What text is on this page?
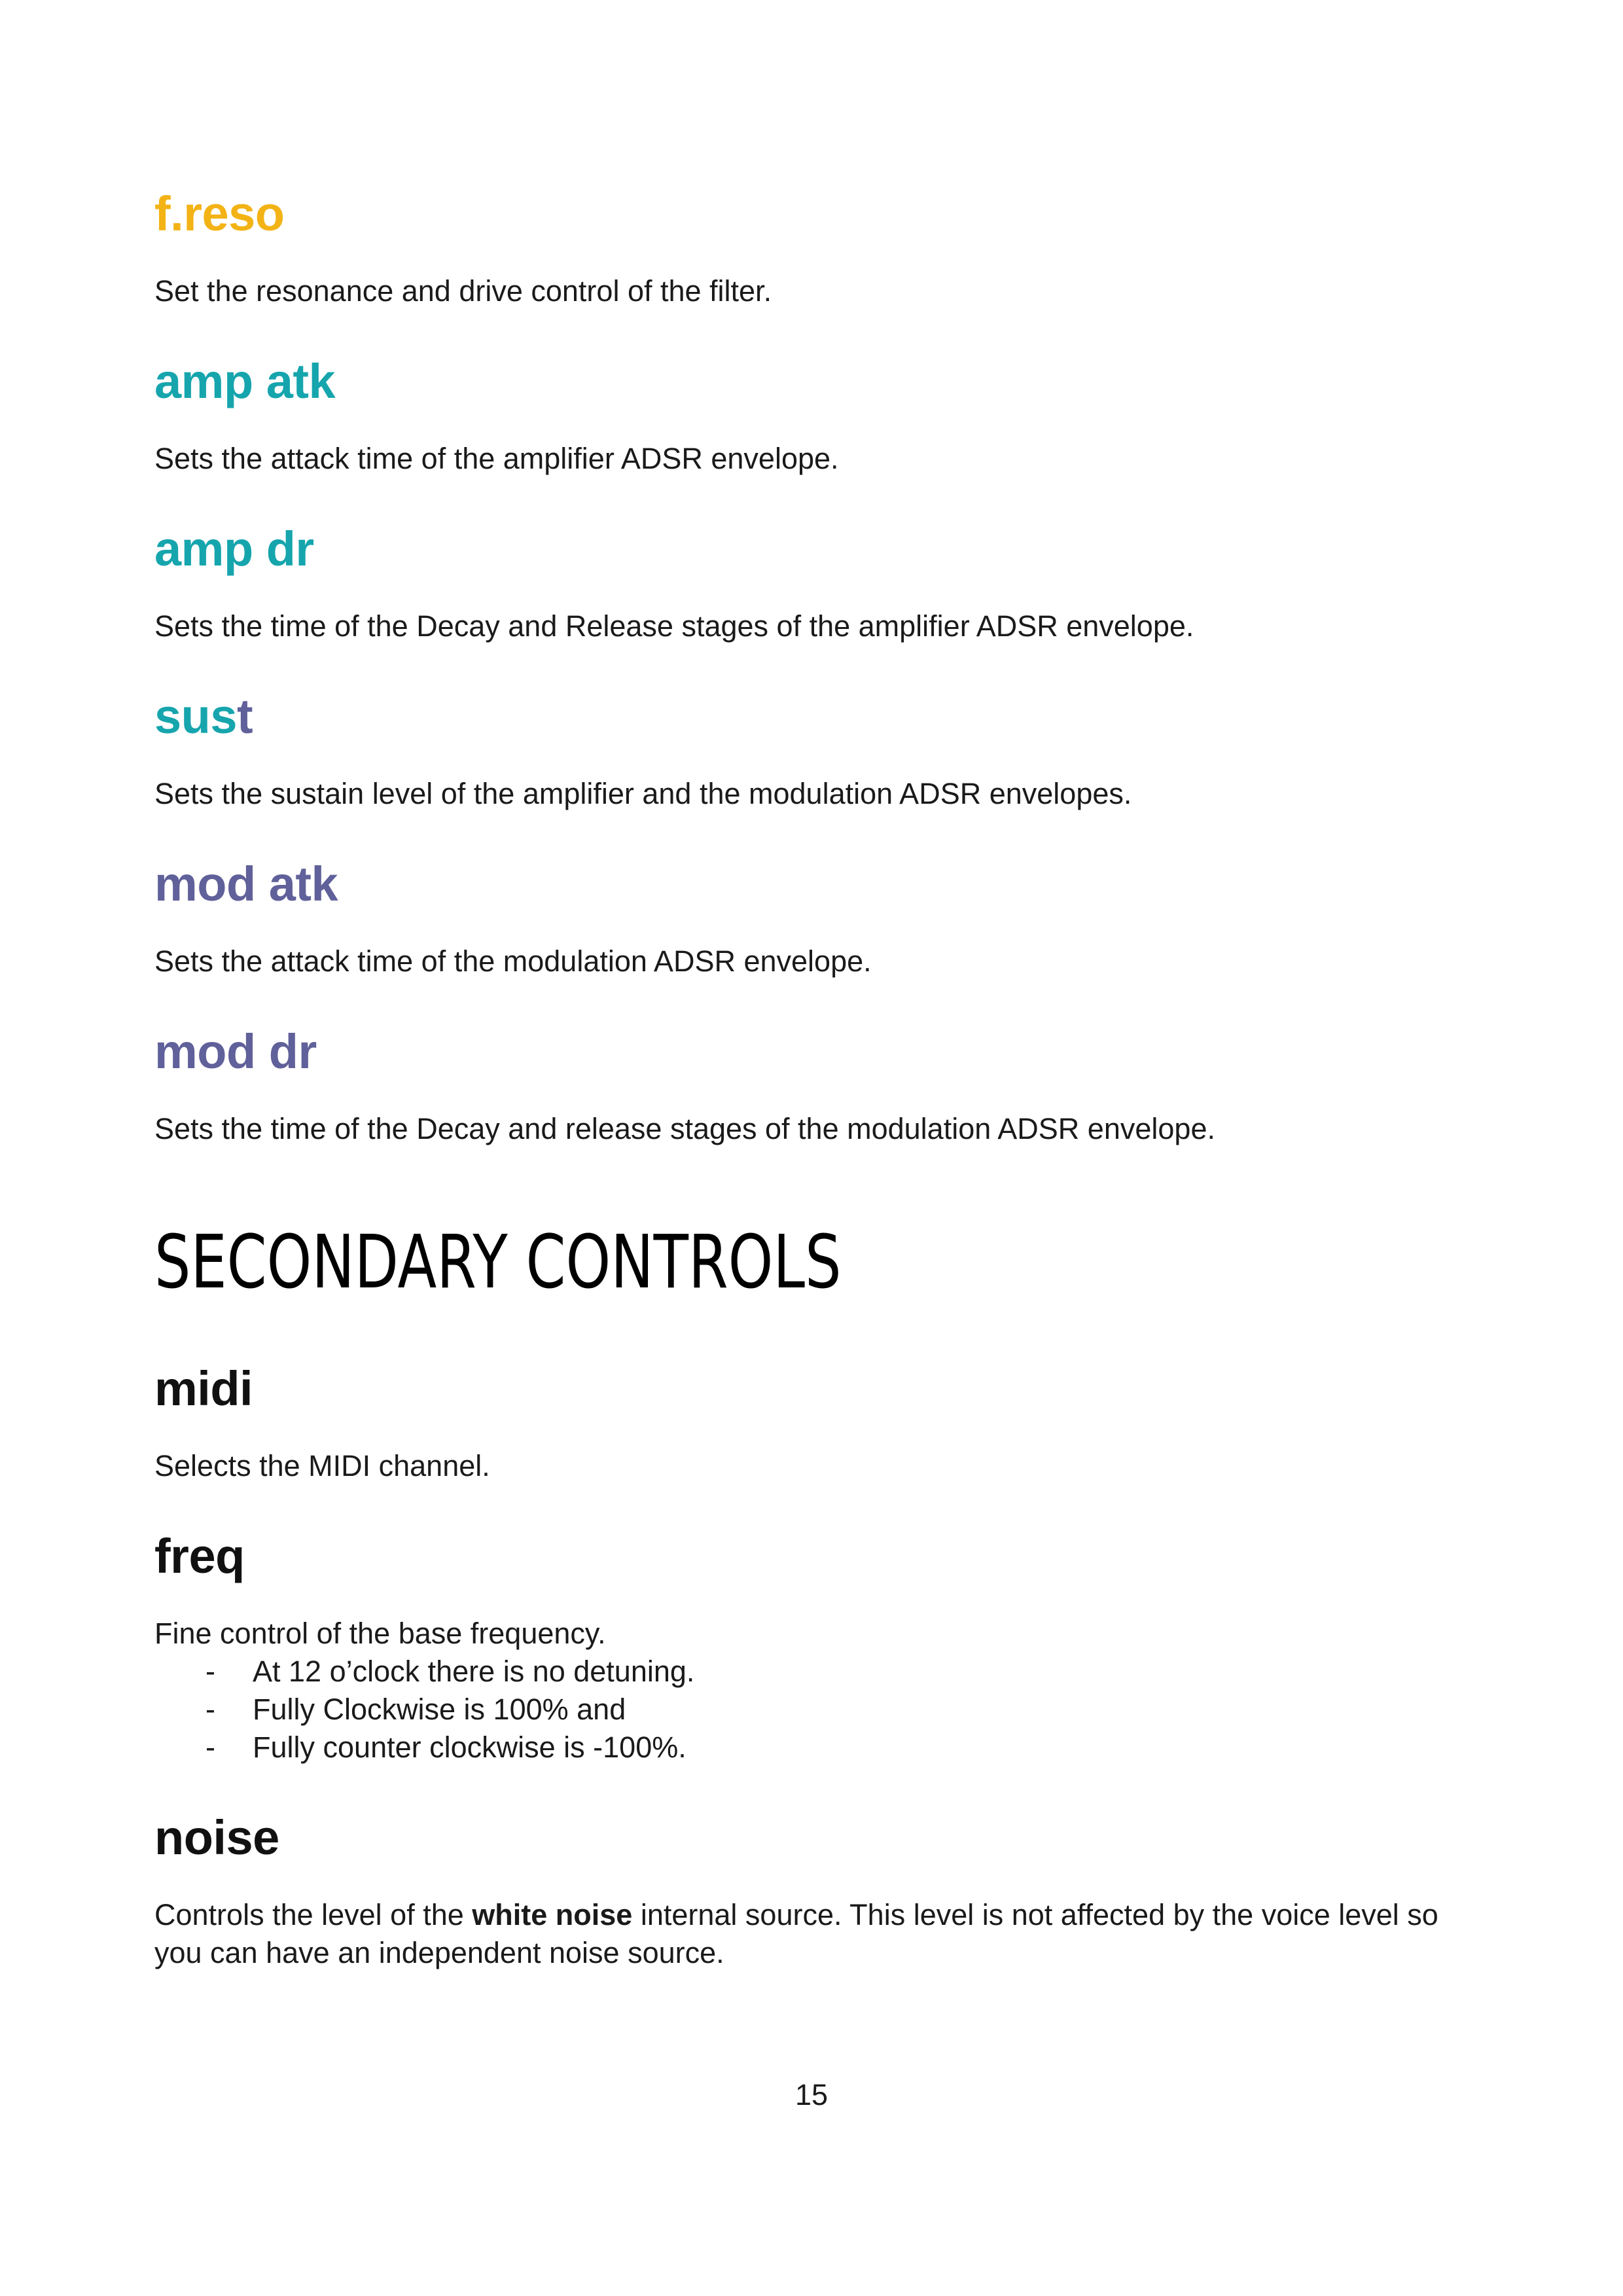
f.reso

Set the resonance and drive control of the filter.

amp atk

Sets the attack time of the amplifier ADSR envelope.

amp dr

Sets the time of the Decay and Release stages of the amplifier ADSR envelope.

sust

Sets the sustain level of the amplifier and the modulation ADSR envelopes.

mod atk

Sets the attack time of the modulation ADSR envelope.

mod dr

Sets the time of the Decay and release stages of the modulation ADSR envelope.

SECONDARY CONTROLS
midi

Selects the MIDI channel.

freq

Fine control of the base frequency.

- At 12 o’clock there is no detuning.
- Fully Clockwise is 100% and
- Fully counter clockwise is -100%.
noise

Controls the level of the white noise internal source. This level is not affected by the voice level so
you can have an independent noise source.

15
